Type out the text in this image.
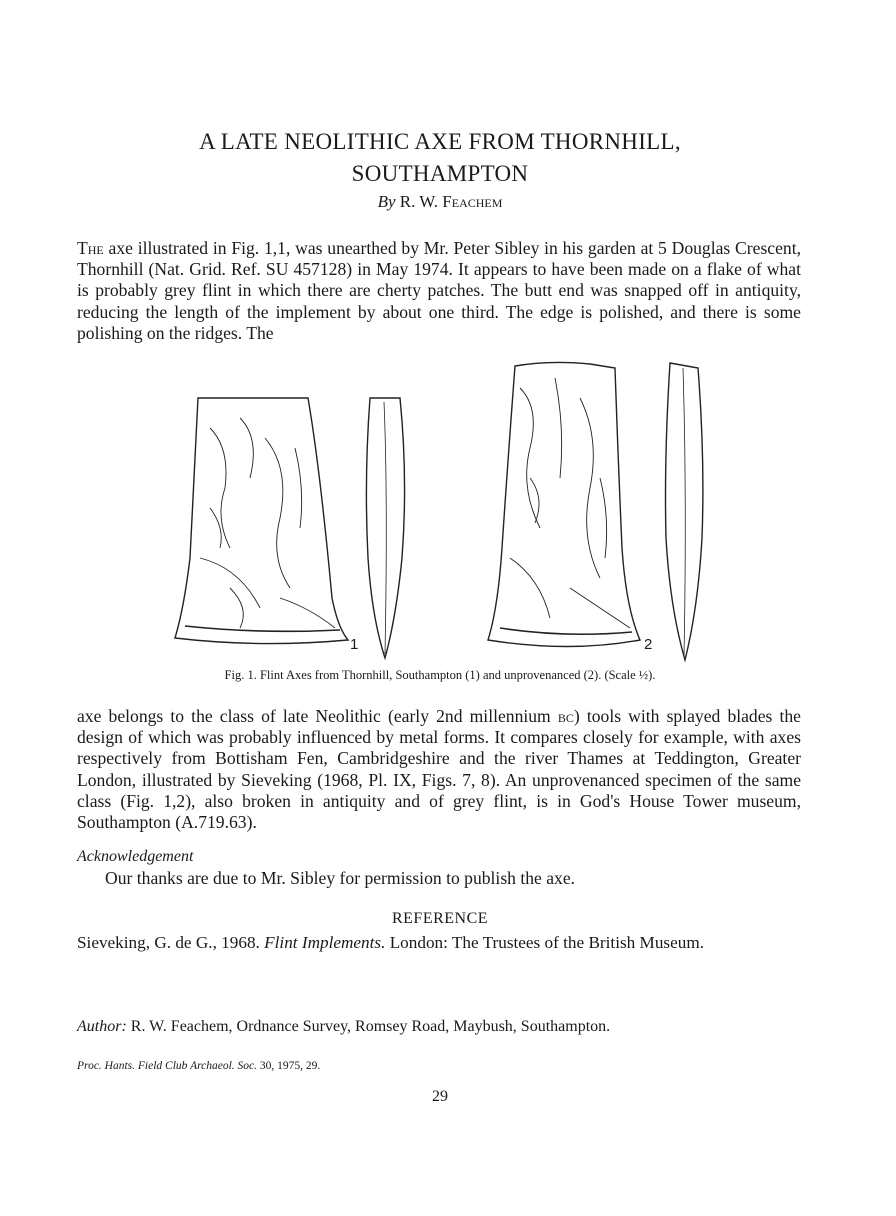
A LATE NEOLITHIC AXE FROM THORNHILL,
SOUTHAMPTON
By R. W. Feachem
The axe illustrated in Fig. 1,1, was unearthed by Mr. Peter Sibley in his garden at 5 Douglas Crescent, Thornhill (Nat. Grid. Ref. SU 457128) in May 1974. It appears to have been made on a flake of what is probably grey flint in which there are cherty patches. The butt end was snapped off in antiquity, reducing the length of the implement by about one third. The edge is polished, and there is some polishing on the ridges. The
1	2
Fig. 1. Flint Axes from Thornhill, Southampton (1) and unprovenanced (2). (Scale ½).
axe belongs to the class of late Neolithic (early 2nd millennium bc) tools with splayed blades the design of which was probably influenced by metal forms. It compares closely for example, with axes respectively from Bottisham Fen, Cambridgeshire and the river Thames at Teddington, Greater London, illustrated by Sieveking (1968, Pl. IX, Figs. 7, 8). An unprovenanced specimen of the same class (Fig. 1,2), also broken in antiquity and of grey flint, is in God's House Tower museum, Southampton (A.719.63).
Acknowledgement
Our thanks are due to Mr. Sibley for permission to publish the axe.
REFERENCE
Sieveking, G. de G., 1968. Flint Implements. London: The Trustees of the British Museum.
Author: R. W. Feachem, Ordnance Survey, Romsey Road, Maybush, Southampton.
Proc. Hants. Field Club Archaeol. Soc. 30, 1975, 29.
29
